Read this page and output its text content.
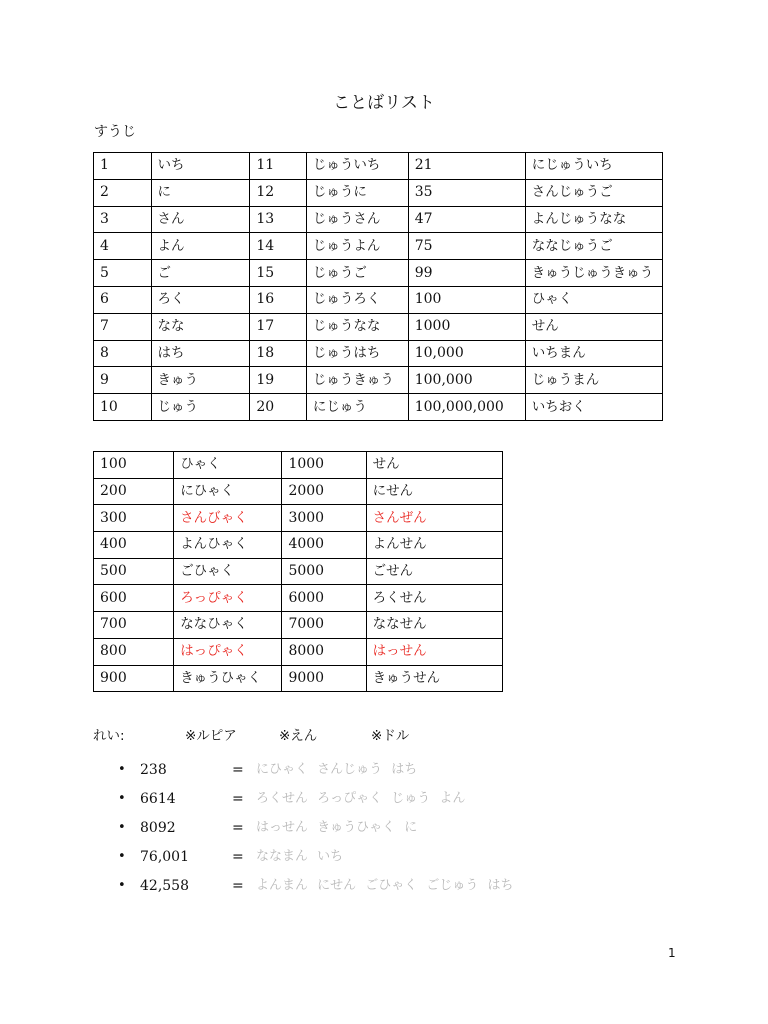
ことばリスト
すうじ
1	いち	11	じゅういち	21	にじゅういち
2	に	12	じゅうに	35	さんじゅうご
3	さん	13	じゅうさん	47	よんじゅうなな
4	よん	14	じゅうよん	75	ななじゅうご
5	ご	15	じゅうご	99	きゅうじゅうきゅう
6	ろく	16	じゅうろく	100	ひゃく
7	なな	17	じゅうなな	1000	せん
8	はち	18	じゅうはち	10,000	いちまん
9	きゅう	19	じゅうきゅう	100,000	じゅうまん
10	じゅう	20	にじゅう	100,000,000	いちおく
100	ひゃく	1000	せん
200	にひゃく	2000	にせん
300	さんびゃく	3000	さんぜん
400	よんひゃく	4000	よんせん
500	ごひゃく	5000	ごせん
600	ろっぴゃく	6000	ろくせん
700	ななひゃく	7000	ななせん
800	はっぴゃく	8000	はっせん
900	きゅうひゃく	9000	きゅうせん
れい:	※ルピア	※えん	※ドル
• 238	= にひゃく さんじゅう はち
• 6614	= ろくせん ろっぴゃく じゅう よん
• 8092	= はっせん きゅうひゃく に
• 76,001	= ななまん いち
• 42,558	= よんまん にせん ごひゃく ごじゅう はち
1
